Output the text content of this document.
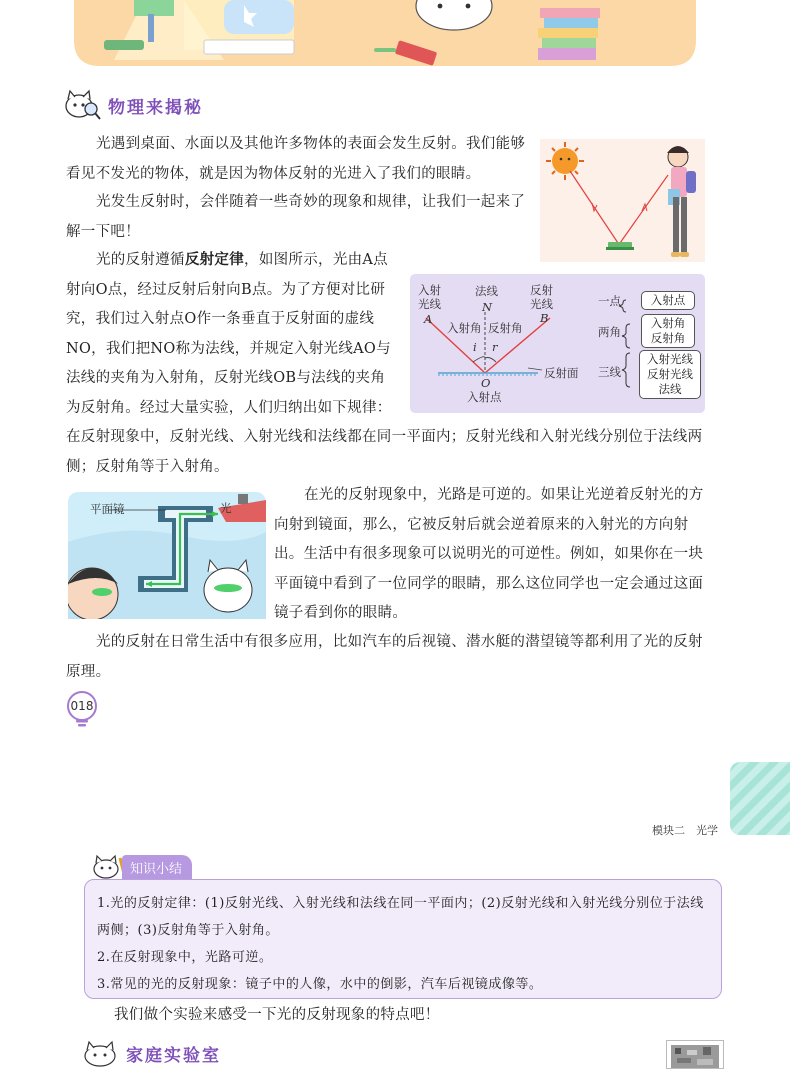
物理来揭秘

光遇到桌面、水面以及其他许多物体的表面会发生反射。我们能够看见不发光的物体，就是因为物体反射的光进入了我们的眼睛。

光发生反射时，会伴随着一些奇妙的现象和规律，让我们一起来了解一下吧！

光的反射遵循反射定律，如图所示，光由A点射向O点，经过反射后射向B点。为了方便对比研究，我们过入射点O作一条垂直于反射面的虚线NO，我们把NO称为法线，并规定入射光线AO与法线的夹角为入射角，反射光线OB与法线的夹角为反射角。经过大量实验，人们归纳出如下规律：在反射现象中，反射光线、入射光线和法线都在同一平面内；反射光线和入射光线分别位于法线两侧；反射角等于入射角。

入射
光线
法线	反射
光线
A
N
B
入射角 反射角
i r
O
反射面
入射点
一点
两角
三线
入射点
入射角
反射角
入射光线
反射光线
法线
平面镜	光

在光的反射现象中，光路是可逆的。如果让光逆着反射光的方向射到镜面，那么，它被反射后就会逆着原来的入射光的方向射出。生活中有很多现象可以说明光的可逆性。例如，如果你在一块平面镜中看到了一位同学的眼睛，那么这位同学也一定会通过这面镜子看到你的眼睛。

光的反射在日常生活中有很多应用，比如汽车的后视镜、潜水艇的潜望镜等都利用了光的反射原理。

018
模块二　光学
知识小结
1.光的反射定律：(1)反射光线、入射光线和法线在同一平面内；(2)反射光线和入射光线分别位于法线两侧；(3)反射角等于入射角。
2.在反射现象中，光路可逆。
3.常见的光的反射现象：镜子中的人像，水中的倒影，汽车后视镜成像等。

我们做个实验来感受一下光的反射现象的特点吧！

家庭实验室
